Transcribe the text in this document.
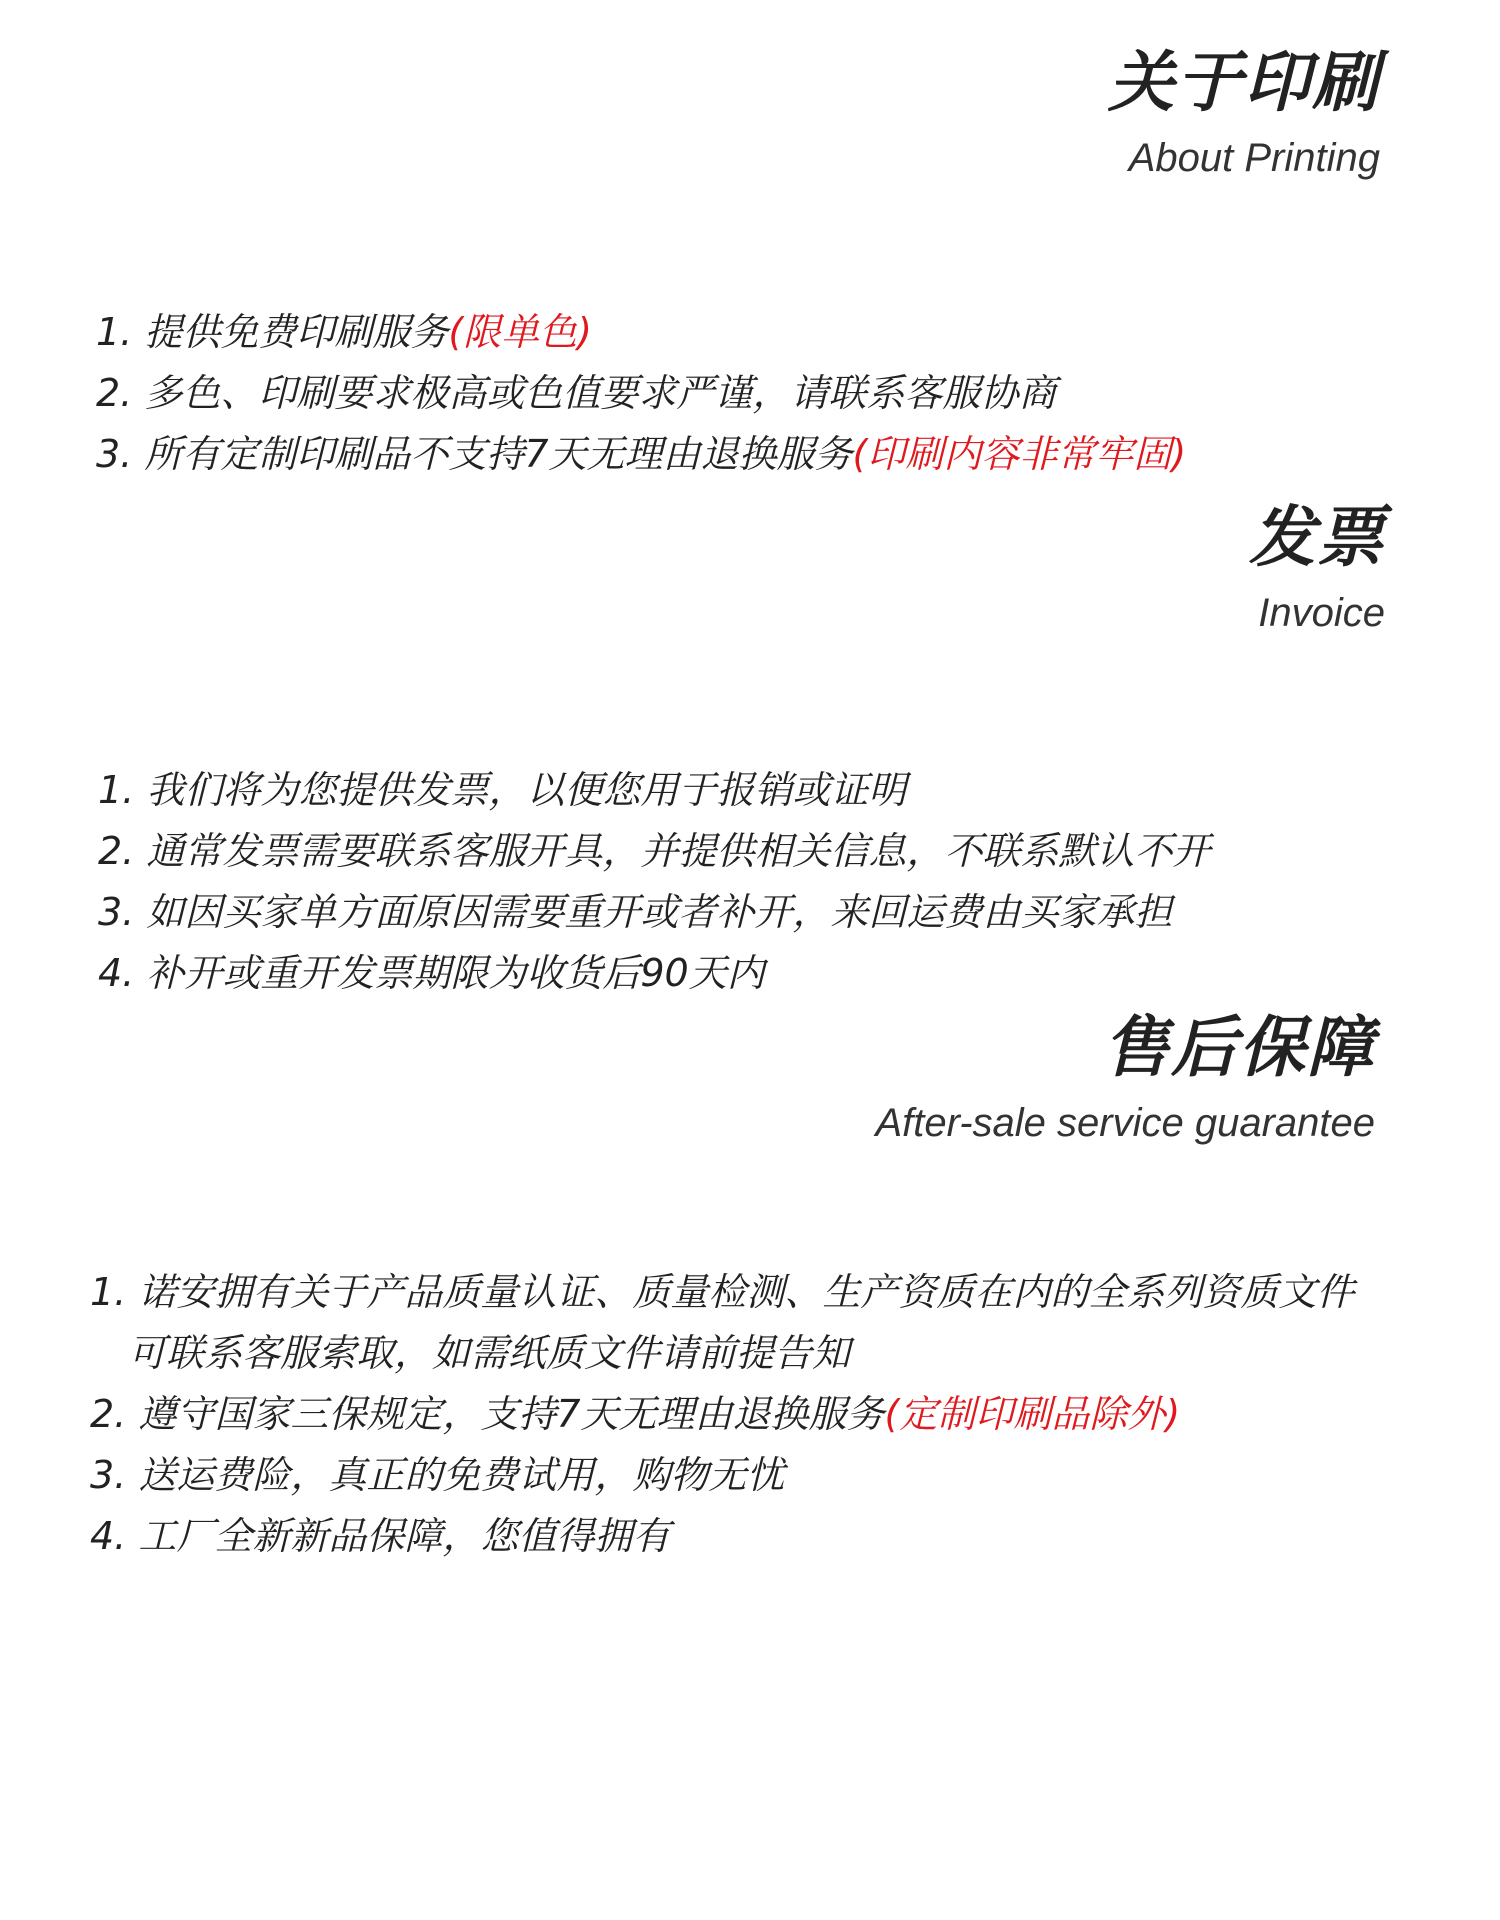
关于印刷
About Printing
1. 提供免费印刷服务(限单色)
2. 多色、印刷要求极高或色值要求严谨，请联系客服协商
3. 所有定制印刷品不支持7天无理由退换服务(印刷内容非常牢固)
发票
Invoice
1. 我们将为您提供发票，以便您用于报销或证明
2. 通常发票需要联系客服开具，并提供相关信息，不联系默认不开
3. 如因买家单方面原因需要重开或者补开，来回运费由买家承担
4. 补开或重开发票期限为收货后90天内
售后保障
After-sale service guarantee
1. 诺安拥有关于产品质量认证、质量检测、生产资质在内的全系列资质文件
可联系客服索取，如需纸质文件请前提告知
2. 遵守国家三保规定，支持7天无理由退换服务(定制印刷品除外)
3. 送运费险，真正的免费试用，购物无忧
4. 工厂全新新品保障，您值得拥有
